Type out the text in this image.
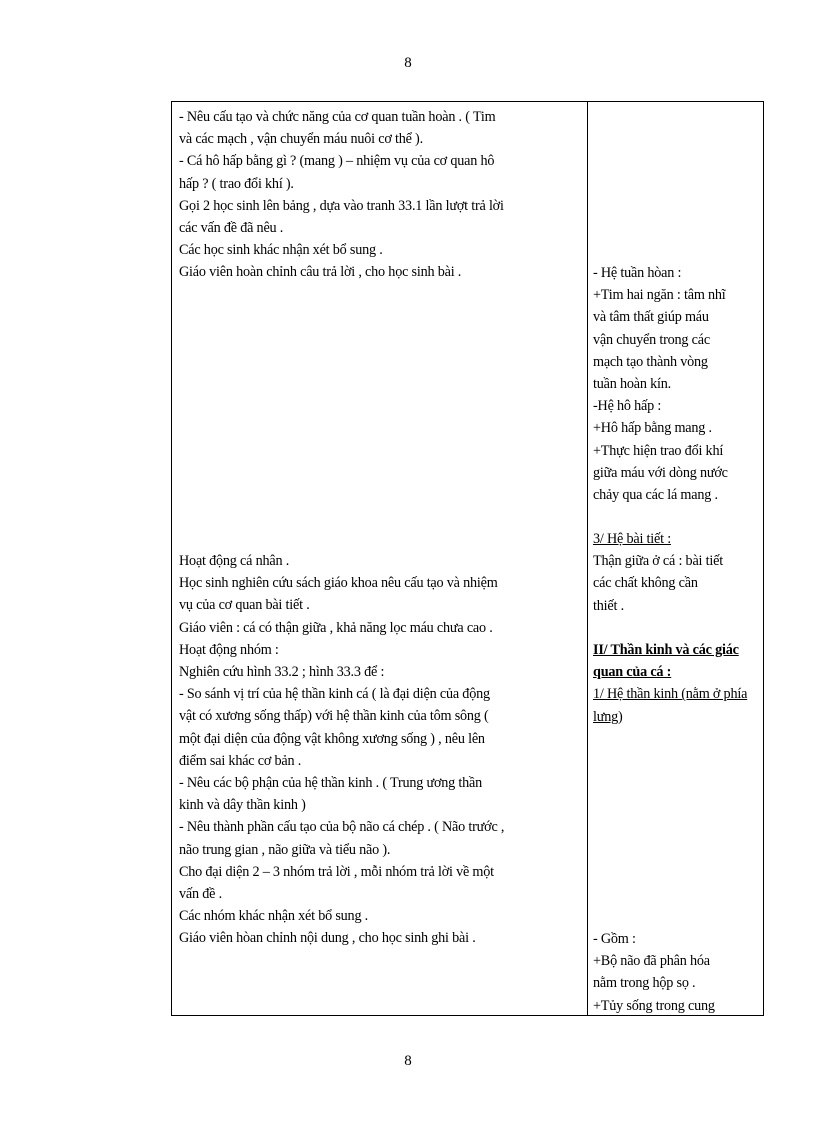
8
- Nêu cấu tạo và chức năng của cơ quan tuần hoàn . ( Tim
và các mạch , vận chuyển máu nuôi cơ thể ).
- Cá hô hấp bằng gì ? (mang ) – nhiệm vụ của cơ quan hô
hấp ? ( trao đổi khí ).
Gọi 2 học sinh lên bảng , dựa vào tranh 33.1 lần lượt trả lời
các vấn đề đã nêu .
Các học sinh khác nhận xét bổ sung .
Giáo viên hoàn chỉnh câu trả lời , cho học sinh bài .
Hoạt động cá nhân .
Học sinh nghiên cứu sách giáo khoa nêu cấu tạo và nhiệm
vụ của cơ quan bài tiết .
Giáo viên : cá có thận giữa , khả năng lọc máu chưa cao .
Hoạt động nhóm :
Nghiên cứu hình 33.2 ; hình 33.3 để :
- So sánh vị trí của hệ thần kinh cá ( là đại diện của động
vật có xương sống thấp) với hệ thần kinh của tôm sông (
một đại diện của động vật không xương sống ) , nêu lên
điểm sai khác cơ bản .
- Nêu các bộ phận của hệ thần kinh . ( Trung ương thần
kinh và dây thần kinh )
- Nêu thành phần cấu tạo của bộ não cá chép . ( Não trước ,
não trung gian , não giữa và tiểu não ).
Cho đại diện 2 – 3 nhóm trả lời , mỗi nhóm trả lời về một
vấn đề .
Các nhóm khác nhận xét bổ sung .
Giáo viên hòan chỉnh nội dung , cho học sinh ghi bài .
- Hệ tuần hòan :
+Tim hai ngăn : tâm nhĩ
và tâm thất giúp máu
vận chuyển trong các
mạch tạo thành vòng
tuần hoàn kín.
-Hệ hô hấp :
+Hô hấp bằng mang .
+Thực hiện trao đổi khí
giữa máu với dòng nước
chảy qua các lá mang .
3/ Hệ bài tiết :
Thận giữa ở cá : bài tiết
các chất không cần
thiết .
II/ Thần kinh và các giác quan của cá :
1/ Hệ thần kinh (nằm ở phía lưng)
- Gồm :
+Bộ não đã phân hóa
nằm trong hộp sọ .
+Tủy sống trong cung
8
